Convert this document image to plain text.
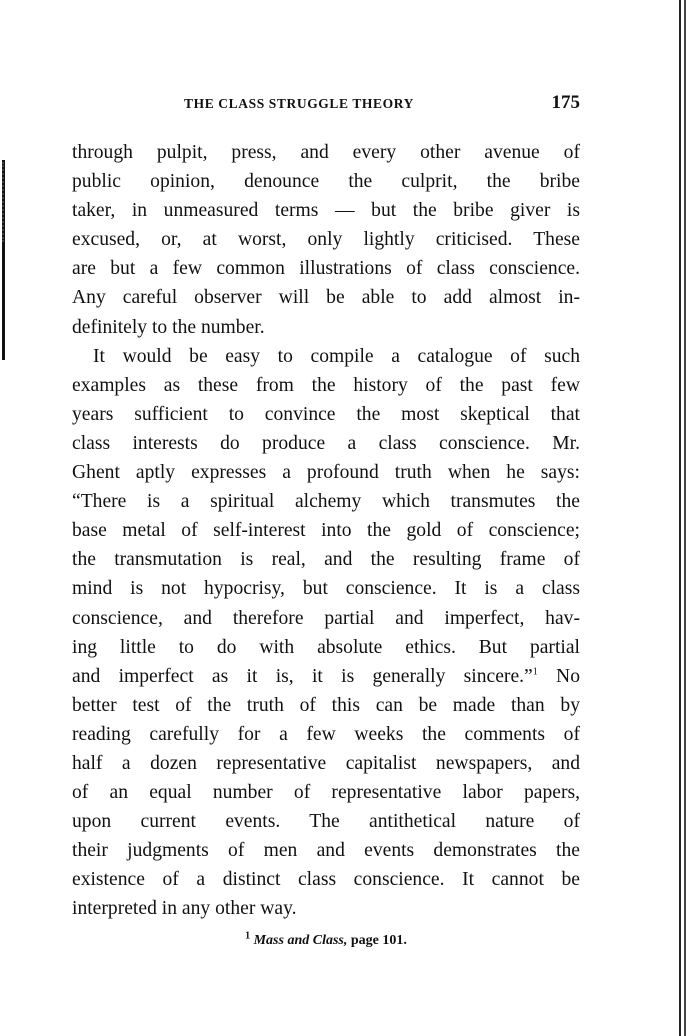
THE CLASS STRUGGLE THEORY	175
through pulpit, press, and every other avenue of
public opinion, denounce the culprit, the bribe
taker, in unmeasured terms — but the bribe giver is
excused, or, at worst, only lightly criticised. These
are but a few common illustrations of class conscience.
Any careful observer will be able to add almost in-
definitely to the number.
It would be easy to compile a catalogue of such
examples as these from the history of the past few
years sufficient to convince the most skeptical that
class interests do produce a class conscience. Mr.
Ghent aptly expresses a profound truth when he says:
“There is a spiritual alchemy which transmutes the
base metal of self-interest into the gold of conscience;
the transmutation is real, and the resulting frame of
mind is not hypocrisy, but conscience. It is a class
conscience, and therefore partial and imperfect, hav-
ing little to do with absolute ethics. But partial
and imperfect as it is, it is generally sincere.”$^1$ No
better test of the truth of this can be made than by
reading carefully for a few weeks the comments of
half a dozen representative capitalist newspapers, and
of an equal number of representative labor papers,
upon current events. The antithetical nature of
their judgments of men and events demonstrates the
existence of a distinct class conscience. It cannot be
interpreted in any other way.
$^1$ Mass and Class, page 101.
